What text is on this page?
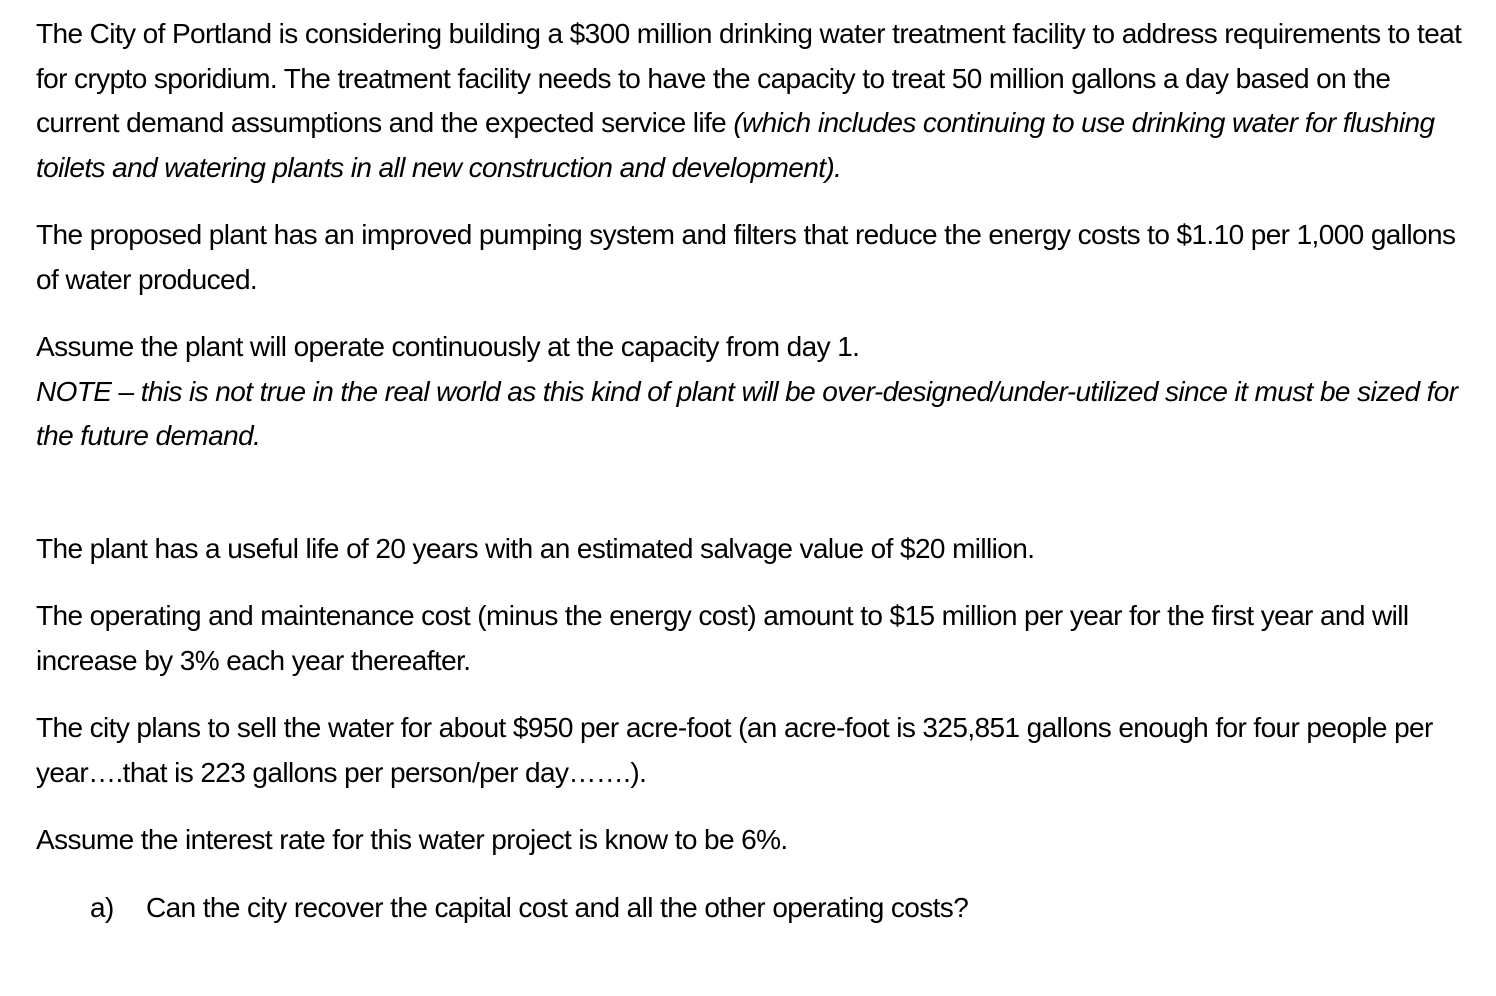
The City of Portland is considering building a $300 million drinking water treatment facility to address requirements to teat for crypto sporidium. The treatment facility needs to have the capacity to treat 50 million gallons a day based on the current demand assumptions and the expected service life (which includes continuing to use drinking water for flushing toilets and watering plants in all new construction and development).

The proposed plant has an improved pumping system and filters that reduce the energy costs to $1.10 per 1,000 gallons of water produced.

Assume the plant will operate continuously at the capacity from day 1.
NOTE – this is not true in the real world as this kind of plant will be over-designed/under-utilized since it must be sized for the future demand.

The plant has a useful life of 20 years with an estimated salvage value of $20 million.

The operating and maintenance cost (minus the energy cost) amount to $15 million per year for the first year and will increase by 3% each year thereafter.

The city plans to sell the water for about $950 per acre-foot (an acre-foot is 325,851 gallons enough for four people per year….that is 223 gallons per person/per day…….).

Assume the interest rate for this water project is know to be 6%.

a)	Can the city recover the capital cost and all the other operating costs?
